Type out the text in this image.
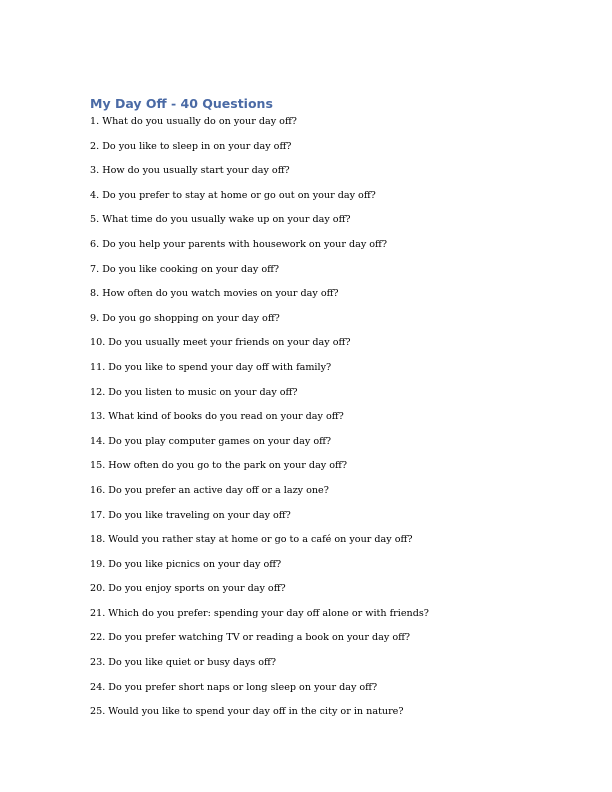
My Day Off - 40 Questions
1. What do you usually do on your day off?
2. Do you like to sleep in on your day off?
3. How do you usually start your day off?
4. Do you prefer to stay at home or go out on your day off?
5. What time do you usually wake up on your day off?
6. Do you help your parents with housework on your day off?
7. Do you like cooking on your day off?
8. How often do you watch movies on your day off?
9. Do you go shopping on your day off?
10. Do you usually meet your friends on your day off?
11. Do you like to spend your day off with family?
12. Do you listen to music on your day off?
13. What kind of books do you read on your day off?
14. Do you play computer games on your day off?
15. How often do you go to the park on your day off?
16. Do you prefer an active day off or a lazy one?
17. Do you like traveling on your day off?
18. Would you rather stay at home or go to a café on your day off?
19. Do you like picnics on your day off?
20. Do you enjoy sports on your day off?
21. Which do you prefer: spending your day off alone or with friends?
22. Do you prefer watching TV or reading a book on your day off?
23. Do you like quiet or busy days off?
24. Do you prefer short naps or long sleep on your day off?
25. Would you like to spend your day off in the city or in nature?
